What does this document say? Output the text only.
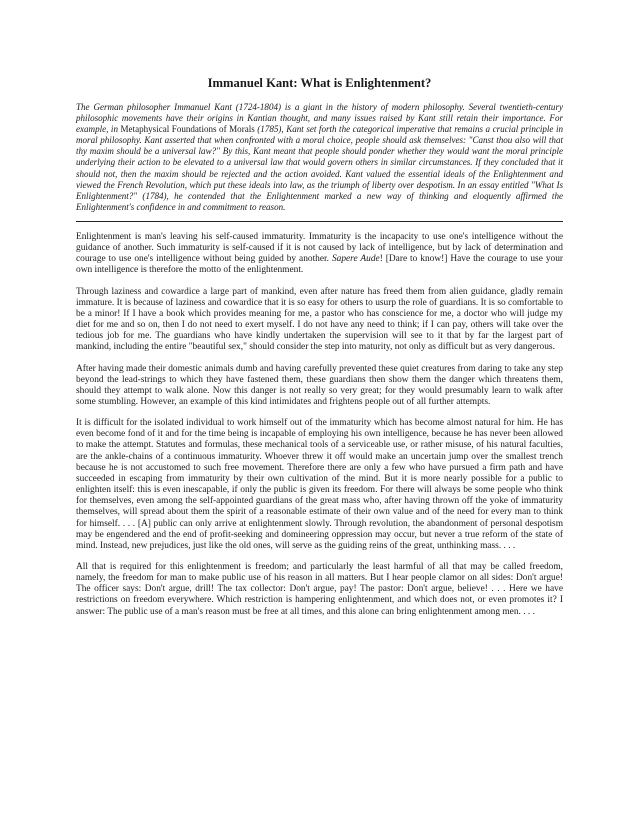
Immanuel Kant: What is Enlightenment?

The German philosopher Immanuel Kant (1724-1804) is a giant in the history of modern philosophy. Several twentieth-century philosophic movements have their origins in Kantian thought, and many issues raised by Kant still retain their importance. For example, in Metaphysical Foundations of Morals (1785), Kant set forth the categorical imperative that remains a crucial principle in moral philosophy. Kant asserted that when confronted with a moral choice, people should ask themselves: "Canst thou also will that thy maxim should be a universal law?" By this, Kant meant that people should ponder whether they would want the moral principle underlying their action to be elevated to a universal law that would govern others in similar circumstances. If they concluded that it should not, then the maxim should be rejected and the action avoided. Kant valued the essential ideals of the Enlightenment and viewed the French Revolution, which put these ideals into law, as the triumph of liberty over despotism. In an essay entitled "What Is Enlightenment?" (1784), he contended that the Enlightenment marked a new way of thinking and eloquently affirmed the Enlightenment's confidence in and commitment to reason.

Enlightenment is man's leaving his self-caused immaturity. Immaturity is the incapacity to use one's intelligence without the guidance of another. Such immaturity is self-caused if it is not caused by lack of intelligence, but by lack of determination and courage to use one's intelligence without being guided by another. Sapere Aude! [Dare to know!] Have the courage to use your own intelligence is therefore the motto of the enlightenment.

Through laziness and cowardice a large part of mankind, even after nature has freed them from alien guidance, gladly remain immature. It is because of laziness and cowardice that it is so easy for others to usurp the role of guardians. It is so comfortable to be a minor! If I have a book which provides meaning for me, a pastor who has conscience for me, a doctor who will judge my diet for me and so on, then I do not need to exert myself. I do not have any need to think; if I can pay, others will take over the tedious job for me. The guardians who have kindly undertaken the supervision will see to it that by far the largest part of mankind, including the entire "beautiful sex," should consider the step into maturity, not only as difficult but as very dangerous.

After having made their domestic animals dumb and having carefully prevented these quiet creatures from daring to take any step beyond the lead-strings to which they have fastened them, these guardians then show them the danger which threatens them, should they attempt to walk alone. Now this danger is not really so very great; for they would presumably learn to walk after some stumbling. However, an example of this kind intimidates and frightens people out of all further attempts.

It is difficult for the isolated individual to work himself out of the immaturity which has become almost natural for him. He has even become fond of it and for the time being is incapable of employing his own intelligence, because he has never been allowed to make the attempt. Statutes and formulas, these mechanical tools of a serviceable use, or rather misuse, of his natural faculties, are the ankle-chains of a continuous immaturity. Whoever threw it off would make an uncertain jump over the smallest trench because he is not accustomed to such free movement. Therefore there are only a few who have pursued a firm path and have succeeded in escaping from immaturity by their own cultivation of the mind. But it is more nearly possible for a public to enlighten itself: this is even inescapable, if only the public is given its freedom. For there will always be some people who think for themselves, even among the self-appointed guardians of the great mass who, after having thrown off the yoke of immaturity themselves, will spread about them the spirit of a reasonable estimate of their own value and of the need for every man to think for himself. . . . [A] public can only arrive at enlightenment slowly. Through revolution, the abandonment of personal despotism may be engendered and the end of profit-seeking and domineering oppression may occur, but never a true reform of the state of mind. Instead, new prejudices, just like the old ones, will serve as the guiding reins of the great, unthinking mass. . . .

All that is required for this enlightenment is freedom; and particularly the least harmful of all that may be called freedom, namely, the freedom for man to make public use of his reason in all matters. But I hear people clamor on all sides: Don't argue! The officer says: Don't argue, drill! The tax collector: Don't argue, pay! The pastor: Don't argue, believe! . . . Here we have restrictions on freedom everywhere. Which restriction is hampering enlightenment, and which does not, or even promotes it? I answer: The public use of a man's reason must be free at all times, and this alone can bring enlightenment among men. . . .
